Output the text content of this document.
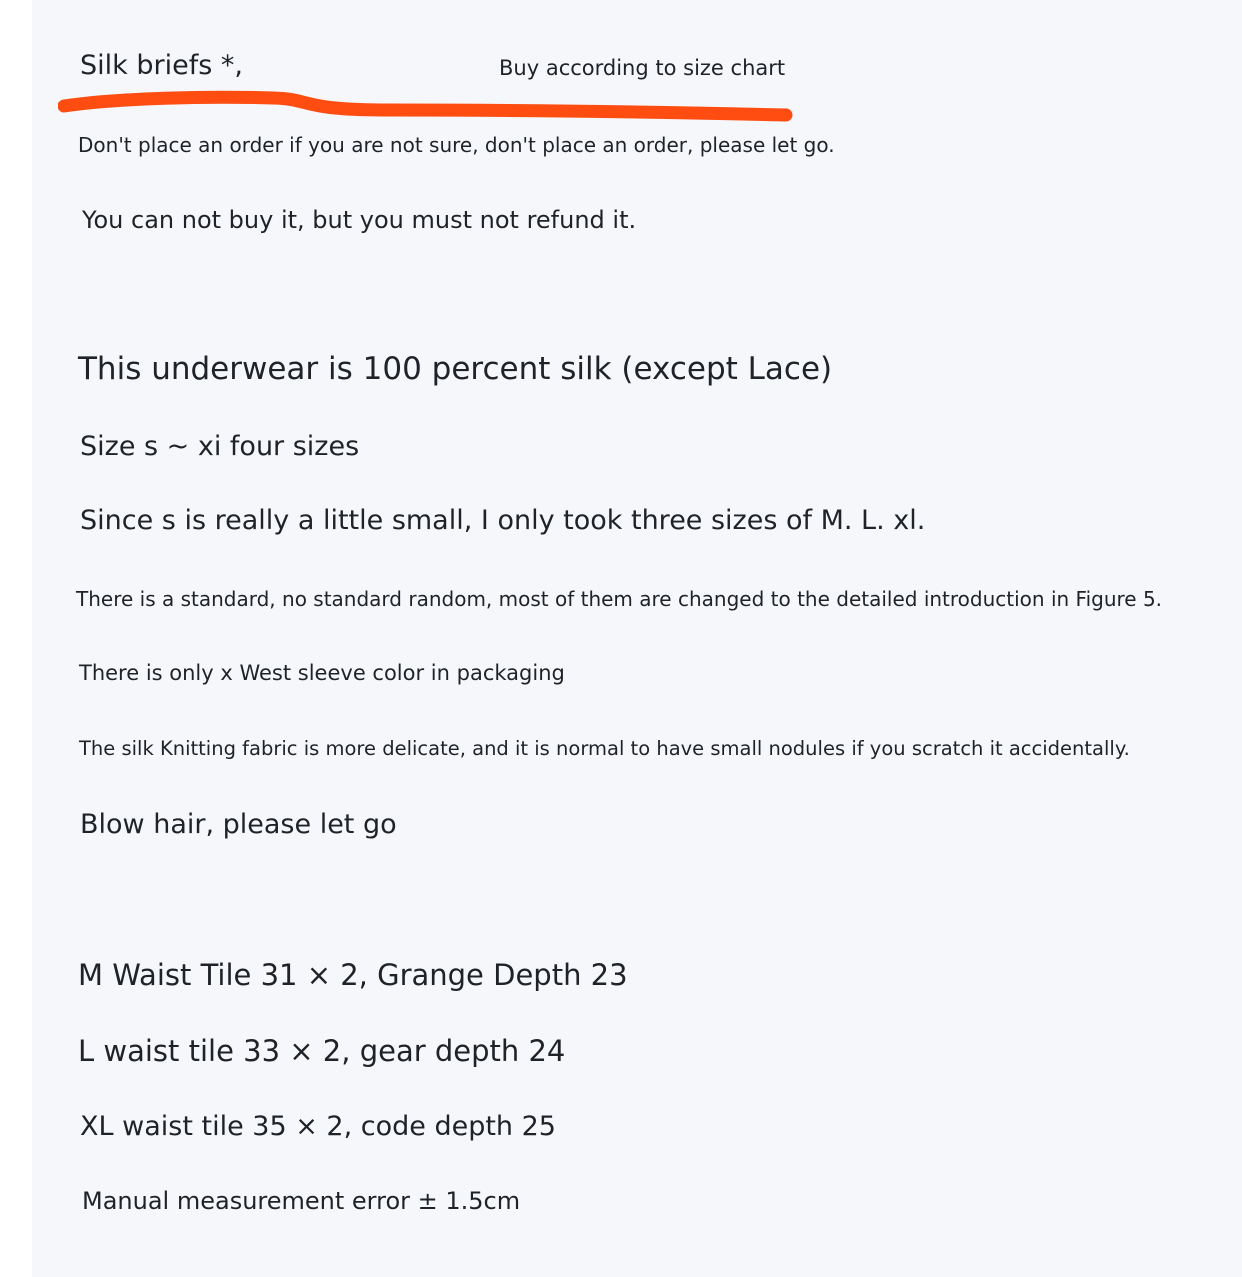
Silk briefs *,	Buy according to size chart

Don't place an order if you are not sure, don't place an order, please let go.

You can not buy it, but you must not refund it.

This underwear is 100 percent silk (except Lace)

Size s ~ xi four sizes

Since s is really a little small, I only took three sizes of M. L. xl.

There is a standard, no standard random, most of them are changed to the detailed introduction in Figure 5.

There is only x West sleeve color in packaging

The silk Knitting fabric is more delicate, and it is normal to have small nodules if you scratch it accidentally.

Blow hair, please let go

M Waist Tile 31 × 2, Grange Depth 23

L waist tile 33 × 2, gear depth 24

XL waist tile 35 × 2, code depth 25

Manual measurement error ± 1.5cm
